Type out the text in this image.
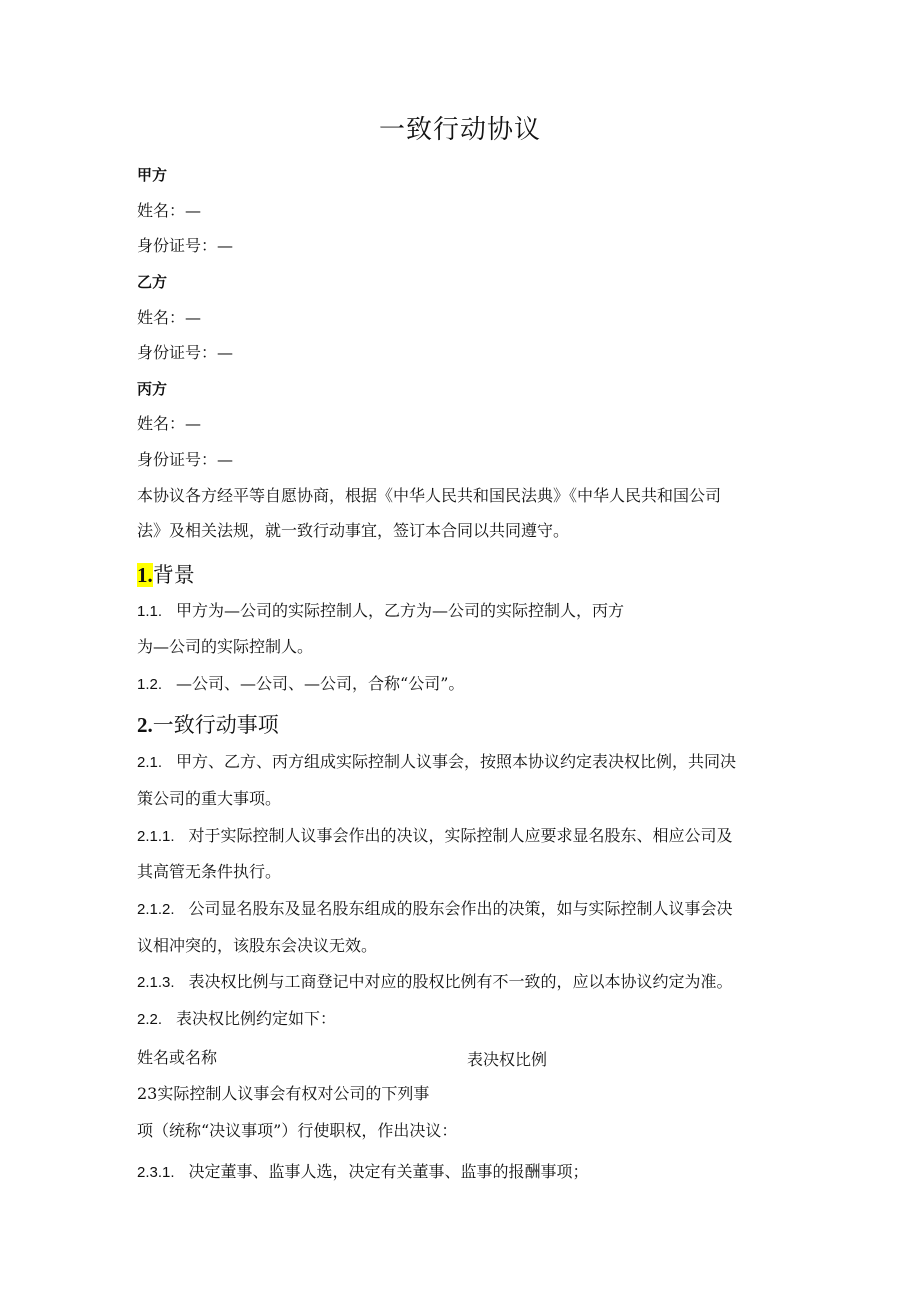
一致行动协议
甲方
姓名：—
身份证号：—
乙方
姓名：—
身份证号：—
丙方
姓名：—
身份证号：—
本协议各方经平等自愿协商，根据《中华人民共和国民法典》《中华人民共和国公司
法》及相关法规，就一致行动事宜，签订本合同以共同遵守。
1.背景
1.1. 甲方为—公司的实际控制人，乙方为—公司的实际控制人，丙方
为—公司的实际控制人。
1.2. —公司、—公司、—公司，合称“公司”。
2.一致行动事项
2.1. 甲方、乙方、丙方组成实际控制人议事会，按照本协议约定表决权比例，共同决
策公司的重大事项。
2.1.1. 对于实际控制人议事会作出的决议，实际控制人应要求显名股东、相应公司及
其高管无条件执行。
2.1.2. 公司显名股东及显名股东组成的股东会作出的决策，如与实际控制人议事会决
议相冲突的，该股东会决议无效。
2.1.3. 表决权比例与工商登记中对应的股权比例有不一致的，应以本协议约定为准。
2.2. 表决权比例约定如下：
姓名或名称	表决权比例
23实际控制人议事会有权对公司的下列事
项（统称“决议事项”）行使职权，作出决议：
2.3.1. 决定董事、监事人选，决定有关董事、监事的报酬事项；
